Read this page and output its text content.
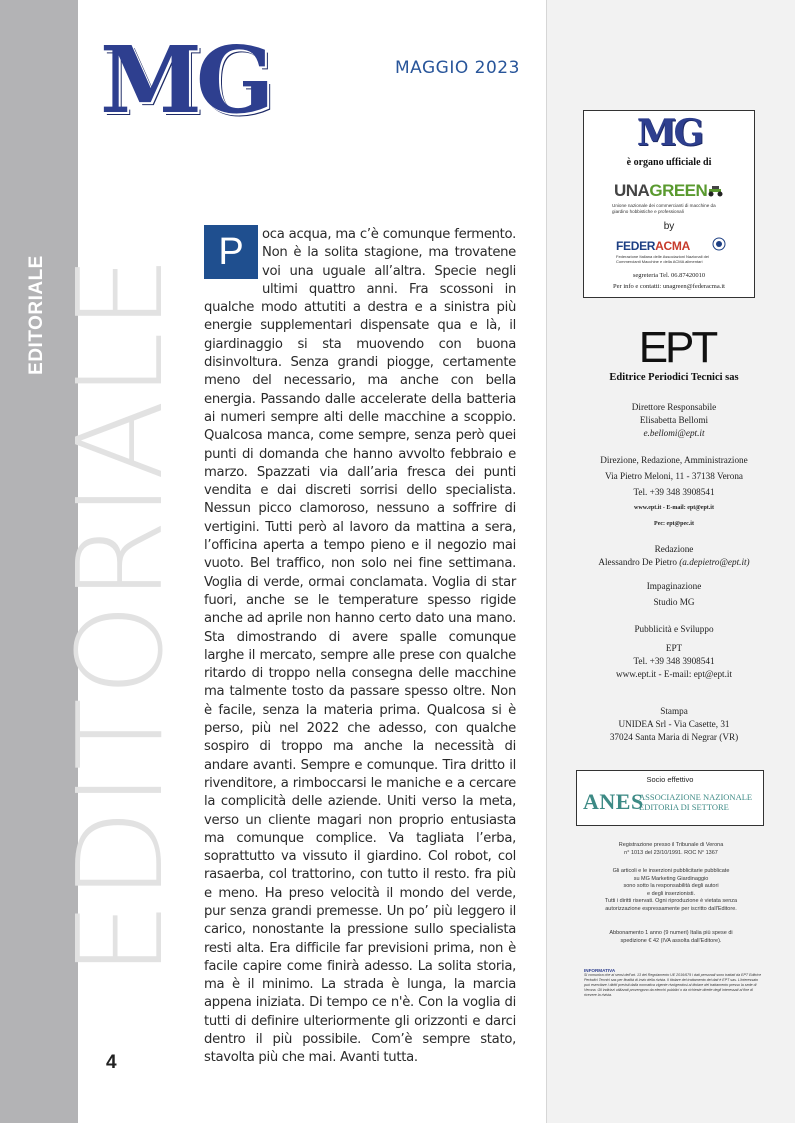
EDITORIALE EDITORIALE
MG	MAGGIO 2023
P	oca acqua, ma c’è comunque fermento. Non è la solita stagione, ma trovatene voi una uguale all’altra. Specie negli ultimi quattro anni. Fra scossoni in qualche modo attutiti a destra e a sinistra più energie supplementari dispensate qua e là, il giardinaggio si sta muovendo con buona disinvoltura. Senza grandi piogge, certamente meno del necessario, ma anche con bella energia. Passando dalle accelerate della batteria ai numeri sempre alti delle macchine a scoppio. Qualcosa manca, come sempre, senza però quei punti di domanda che hanno avvolto febbraio e marzo. Spazzati via dall’aria fresca dei punti vendita e dai discreti sorrisi dello specialista. Nessun picco clamoroso, nessuno a soffrire di vertigini. Tutti però al lavoro da mattina a sera, l’officina aperta a tempo pieno e il negozio mai vuoto. Bel traffico, non solo nei fine settimana. Voglia di verde, ormai conclamata. Voglia di star fuori, anche se le temperature spesso rigide anche ad aprile non hanno certo dato una mano. Sta dimostrando di avere spalle comunque larghe il mercato, sempre alle prese con qualche ritardo di troppo nella consegna delle macchine ma talmente tosto da passare spesso oltre. Non è facile, senza la materia prima. Qualcosa si è perso, più nel 2022 che adesso, con qualche sospiro di troppo ma anche la necessità di andare avanti. Sempre e comunque. Tira dritto il rivenditore, a rimboccarsi le maniche e a cercare la complicità delle aziende. Uniti verso la meta, verso un cliente magari non proprio entusiasta ma comunque complice. Va tagliata l’erba, soprattutto va vissuto il giardino. Col robot, col rasaerba, col trattorino, con tutto il resto. fra più e meno. Ha preso velocità il mondo del verde, pur senza grandi premesse. Un po’ più leggero il carico, nonostante la pressione sullo specialista resti alta. Era difficile far previsioni prima, non è facile capire come finirà adesso. La solita storia, ma è il minimo. La strada è lunga, la marcia appena iniziata. Di tempo ce n'è. Con la voglia di tutti di definire ulteriormente gli orizzonti e darci dentro il più possibile. Com’è sempre stato, stavolta più che mai. Avanti tutta.
4
MG
è organo ufficiale di
UNAGREEN
Unione nazionale dei commercianti di macchine da giardino hobbistiche e professionali
by
FEDERACMA
Federazione Italiana delle Associazioni Nazionali dei Commercianti Macchine e della ACMA alimentari
segreteria Tel. 06.87420010
Per info e contatti: unagreen@federacma.it
EPT
Editrice Periodici Tecnici sas
Direttore Responsabile
Elisabetta Bellomi
e.bellomi@ept.it
Direzione, Redazione, Amministrazione
Via Pietro Meloni, 11 - 37138 Verona
Tel. +39 348 3908541
www.ept.it - E-mail: ept@ept.it
Pec: ept@pec.it
Redazione
Alessandro De Pietro (a.depietro@ept.it)
Impaginazione
Studio MG
Pubblicità e Sviluppo
EPT
Tel. +39 348 3908541
www.ept.it - E-mail: ept@ept.it
Stampa
UNIDEA Srl - Via Casette, 31
37024 Santa Maria di Negrar (VR)
Socio effettivo
ANES
ASSOCIAZIONE NAZIONALE
EDITORIA DI SETTORE
Registrazione presso il Tribunale di Verona
n° 1013 del 23/10/1991. ROC N° 1367
Gli articoli e le inserzioni pubblicitarie pubblicate
su MG Marketing Giardinaggio
sono sotto la responsabilità degli autori
e degli inserzionisti.
Tutti i diritti riservati. Ogni riproduzione è vietata senza
autorizzazione espressamente per iscritto dall'Editore.
Abbonamento 1 anno (9 numeri) Italia più spese di
spedizione € 42 (IVA assolta dall'Editore).
INFORMATIVA
Si comunica che ai sensi dell'art. 13 del Regolamento UE 2016/679 i dati personali sono trattati da EPT Editrice Periodici Tecnici sas per finalità di invio della rivista. Il titolare del trattamento dei dati è EPT sas. L'interessato può esercitare i diritti previsti dalla normativa vigente rivolgendosi al titolare del trattamento presso la sede di Verona. Gli indirizzi utilizzati provengono da elenchi pubblici o da richieste dirette degli interessati al fine di ricevere la rivista.
